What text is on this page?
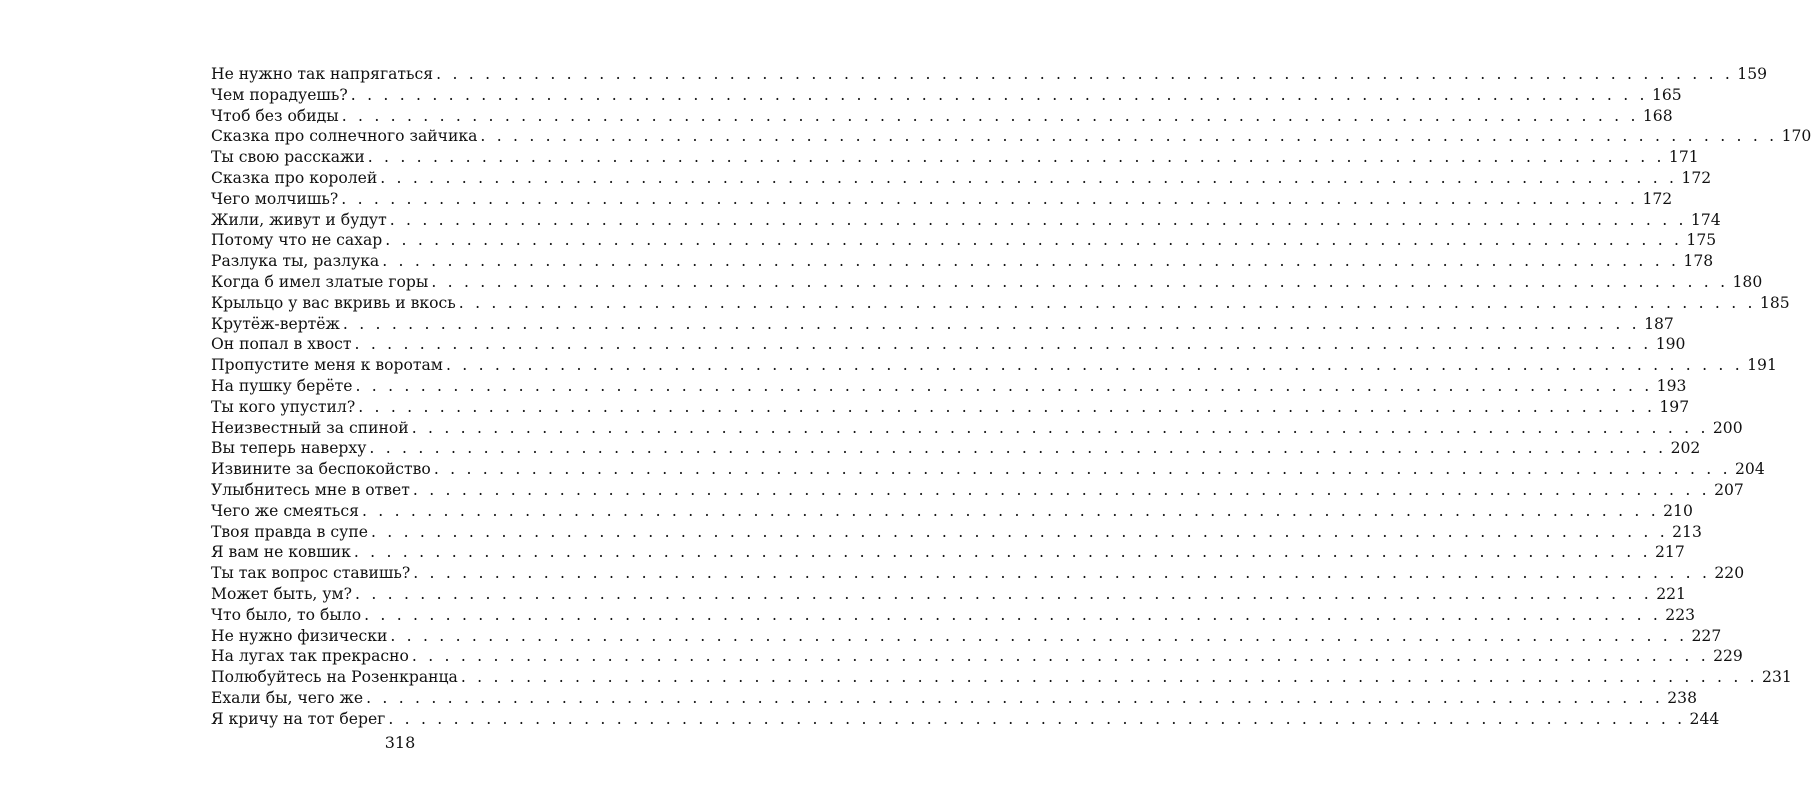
Не нужно так напрягаться . . . . . . . . . . . . . . . . . . . . . . . . . . . . . . . . . . . . . . . . . . . . . . . . . . . . . . . . . . . . . . . . . . . . . . . . . . . . . . . . 159
Чем порадуешь? . . . . . . . . . . . . . . . . . . . . . . . . . . . . . . . . . . . . . . . . . . . . . . . . . . . . . . . . . . . . . . . . . . . . . . . . . . . . . . . . 165
Чтоб без обиды . . . . . . . . . . . . . . . . . . . . . . . . . . . . . . . . . . . . . . . . . . . . . . . . . . . . . . . . . . . . . . . . . . . . . . . . . . . . . . . . 168
Сказка про солнечного зайчика . . . . . . . . . . . . . . . . . . . . . . . . . . . . . . . . . . . . . . . . . . . . . . . . . . . . . . . . . . . . . . . . . . . . . . . . . . . . . . . . 170
Ты свою расскажи . . . . . . . . . . . . . . . . . . . . . . . . . . . . . . . . . . . . . . . . . . . . . . . . . . . . . . . . . . . . . . . . . . . . . . . . . . . . . . . . 171
Сказка про королей . . . . . . . . . . . . . . . . . . . . . . . . . . . . . . . . . . . . . . . . . . . . . . . . . . . . . . . . . . . . . . . . . . . . . . . . . . . . . . . . 172
Чего молчишь? . . . . . . . . . . . . . . . . . . . . . . . . . . . . . . . . . . . . . . . . . . . . . . . . . . . . . . . . . . . . . . . . . . . . . . . . . . . . . . . . 172
Жили, живут и будут . . . . . . . . . . . . . . . . . . . . . . . . . . . . . . . . . . . . . . . . . . . . . . . . . . . . . . . . . . . . . . . . . . . . . . . . . . . . . . . . 174
Потому что не сахар . . . . . . . . . . . . . . . . . . . . . . . . . . . . . . . . . . . . . . . . . . . . . . . . . . . . . . . . . . . . . . . . . . . . . . . . . . . . . . . . 175
Разлука ты, разлука . . . . . . . . . . . . . . . . . . . . . . . . . . . . . . . . . . . . . . . . . . . . . . . . . . . . . . . . . . . . . . . . . . . . . . . . . . . . . . . . 178
Когда б имел златые горы . . . . . . . . . . . . . . . . . . . . . . . . . . . . . . . . . . . . . . . . . . . . . . . . . . . . . . . . . . . . . . . . . . . . . . . . . . . . . . . . 180
Крыльцо у вас вкривь и вкось . . . . . . . . . . . . . . . . . . . . . . . . . . . . . . . . . . . . . . . . . . . . . . . . . . . . . . . . . . . . . . . . . . . . . . . . . . . . . . . . 185
Крутёж-вертёж . . . . . . . . . . . . . . . . . . . . . . . . . . . . . . . . . . . . . . . . . . . . . . . . . . . . . . . . . . . . . . . . . . . . . . . . . . . . . . . . 187
Он попал в хвост . . . . . . . . . . . . . . . . . . . . . . . . . . . . . . . . . . . . . . . . . . . . . . . . . . . . . . . . . . . . . . . . . . . . . . . . . . . . . . . . 190
Пропустите меня к воротам . . . . . . . . . . . . . . . . . . . . . . . . . . . . . . . . . . . . . . . . . . . . . . . . . . . . . . . . . . . . . . . . . . . . . . . . . . . . . . . . 191
На пушку берёте . . . . . . . . . . . . . . . . . . . . . . . . . . . . . . . . . . . . . . . . . . . . . . . . . . . . . . . . . . . . . . . . . . . . . . . . . . . . . . . . 193
Ты кого упустил? . . . . . . . . . . . . . . . . . . . . . . . . . . . . . . . . . . . . . . . . . . . . . . . . . . . . . . . . . . . . . . . . . . . . . . . . . . . . . . . . 197
Неизвестный за спиной . . . . . . . . . . . . . . . . . . . . . . . . . . . . . . . . . . . . . . . . . . . . . . . . . . . . . . . . . . . . . . . . . . . . . . . . . . . . . . . . 200
Вы теперь наверху . . . . . . . . . . . . . . . . . . . . . . . . . . . . . . . . . . . . . . . . . . . . . . . . . . . . . . . . . . . . . . . . . . . . . . . . . . . . . . . . 202
Извините за беспокойство . . . . . . . . . . . . . . . . . . . . . . . . . . . . . . . . . . . . . . . . . . . . . . . . . . . . . . . . . . . . . . . . . . . . . . . . . . . . . . . . 204
Улыбнитесь мне в ответ . . . . . . . . . . . . . . . . . . . . . . . . . . . . . . . . . . . . . . . . . . . . . . . . . . . . . . . . . . . . . . . . . . . . . . . . . . . . . . . . 207
Чего же смеяться . . . . . . . . . . . . . . . . . . . . . . . . . . . . . . . . . . . . . . . . . . . . . . . . . . . . . . . . . . . . . . . . . . . . . . . . . . . . . . . . 210
Твоя правда в супе . . . . . . . . . . . . . . . . . . . . . . . . . . . . . . . . . . . . . . . . . . . . . . . . . . . . . . . . . . . . . . . . . . . . . . . . . . . . . . . . 213
Я вам не ковшик . . . . . . . . . . . . . . . . . . . . . . . . . . . . . . . . . . . . . . . . . . . . . . . . . . . . . . . . . . . . . . . . . . . . . . . . . . . . . . . . 217
Ты так вопрос ставишь? . . . . . . . . . . . . . . . . . . . . . . . . . . . . . . . . . . . . . . . . . . . . . . . . . . . . . . . . . . . . . . . . . . . . . . . . . . . . . . . . 220
Может быть, ум? . . . . . . . . . . . . . . . . . . . . . . . . . . . . . . . . . . . . . . . . . . . . . . . . . . . . . . . . . . . . . . . . . . . . . . . . . . . . . . . . 221
Что было, то было . . . . . . . . . . . . . . . . . . . . . . . . . . . . . . . . . . . . . . . . . . . . . . . . . . . . . . . . . . . . . . . . . . . . . . . . . . . . . . . . 223
Не нужно физически . . . . . . . . . . . . . . . . . . . . . . . . . . . . . . . . . . . . . . . . . . . . . . . . . . . . . . . . . . . . . . . . . . . . . . . . . . . . . . . . 227
На лугах так прекрасно . . . . . . . . . . . . . . . . . . . . . . . . . . . . . . . . . . . . . . . . . . . . . . . . . . . . . . . . . . . . . . . . . . . . . . . . . . . . . . . . 229
Полюбуйтесь на Розенкранца . . . . . . . . . . . . . . . . . . . . . . . . . . . . . . . . . . . . . . . . . . . . . . . . . . . . . . . . . . . . . . . . . . . . . . . . . . . . . . . . 231
Ехали бы, чего же . . . . . . . . . . . . . . . . . . . . . . . . . . . . . . . . . . . . . . . . . . . . . . . . . . . . . . . . . . . . . . . . . . . . . . . . . . . . . . . . 238
Я кричу на тот берег . . . . . . . . . . . . . . . . . . . . . . . . . . . . . . . . . . . . . . . . . . . . . . . . . . . . . . . . . . . . . . . . . . . . . . . . . . . . . . . . 244
318
